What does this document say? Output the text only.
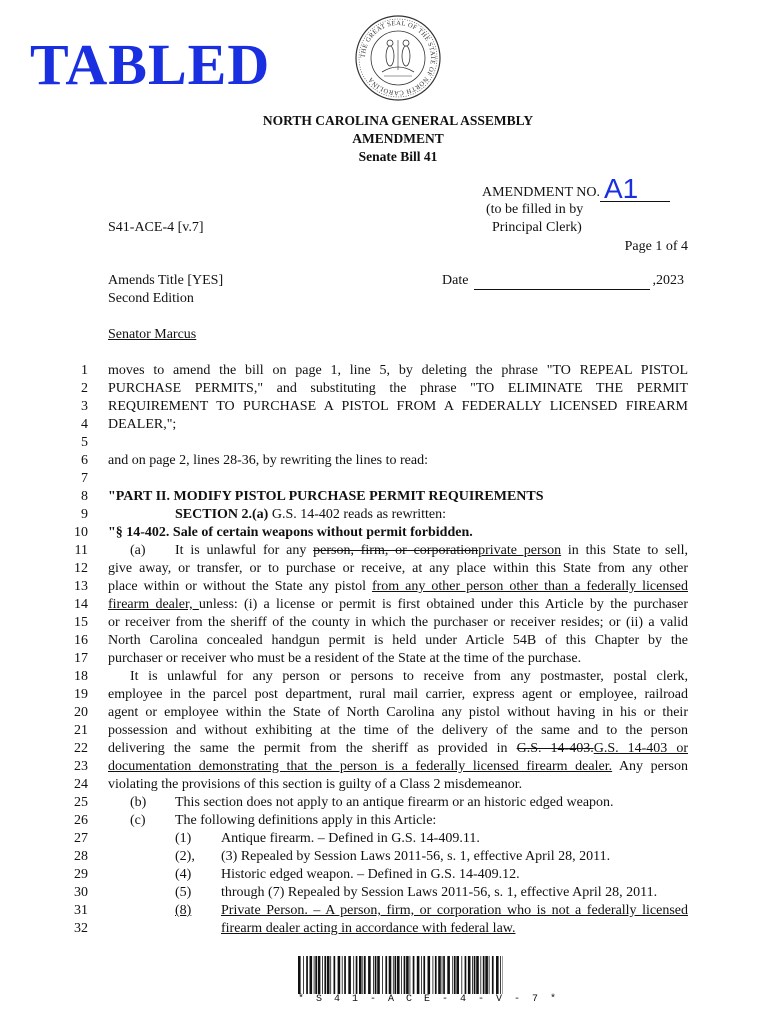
TABLED	THE GREAT SEAL OF THE STATE OF NORTH CAROLINA
NORTH CAROLINA GENERAL ASSEMBLY
AMENDMENT
Senate Bill 41
AMENDMENT NO. A1
(to be filled in by
Principal Clerk)
S41-ACE-4 [v.7]
Page 1 of 4
Amends Title [YES]
Second Edition
Date	,2023
Senator Marcus
1
2
3
4
5
6
7
8
9
10
11
12
13
14
15
16
17
18
19
20
21
22
23
24
25
26
27
28
29
30
31
32
moves to amend the bill on page 1, line 5, by deleting the phrase "TO REPEAL PISTOL
PURCHASE PERMITS," and substituting the phrase "TO ELIMINATE THE PERMIT
REQUIREMENT TO PURCHASE A PISTOL FROM A FEDERALLY LICENSED FIREARM
DEALER,";
and on page 2, lines 28-36, by rewriting the lines to read:
"PART II. MODIFY PISTOL PURCHASE PERMIT REQUIREMENTS
SECTION 2.(a) G.S. 14-402 reads as rewritten:
"§ 14-402. Sale of certain weapons without permit forbidden.
(a) It is unlawful for any person, firm, or corporationprivate person in this State to sell,
give away, or transfer, or to purchase or receive, at any place within this State from any other
place within or without the State any pistol from any other person other than a federally licensed
firearm dealer, unless: (i) a license or permit is first obtained under this Article by the purchaser
or receiver from the sheriff of the county in which the purchaser or receiver resides; or (ii) a valid
North Carolina concealed handgun permit is held under Article 54B of this Chapter by the
purchaser or receiver who must be a resident of the State at the time of the purchase.
It is unlawful for any person or persons to receive from any postmaster, postal clerk,
employee in the parcel post department, rural mail carrier, express agent or employee, railroad
agent or employee within the State of North Carolina any pistol without having in his or their
possession and without exhibiting at the time of the delivery of the same and to the person
delivering the same the permit from the sheriff as provided in G.S. 14-403.G.S. 14-403 or
documentation demonstrating that the person is a federally licensed firearm dealer. Any person
violating the provisions of this section is guilty of a Class 2 misdemeanor.
(b) This section does not apply to an antique firearm or an historic edged weapon.
(c) The following definitions apply in this Article:
(1) Antique firearm. – Defined in G.S. 14-409.11.
(2), (3) Repealed by Session Laws 2011-56, s. 1, effective April 28, 2011.
(4) Historic edged weapon. – Defined in G.S. 14-409.12.
(5) through (7) Repealed by Session Laws 2011-56, s. 1, effective April 28, 2011.
(8) Private Person. – A person, firm, or corporation who is not a federally licensed
firearm dealer acting in accordance with federal law.
* S 4 1 - A C E - 4 - V - 7 *
